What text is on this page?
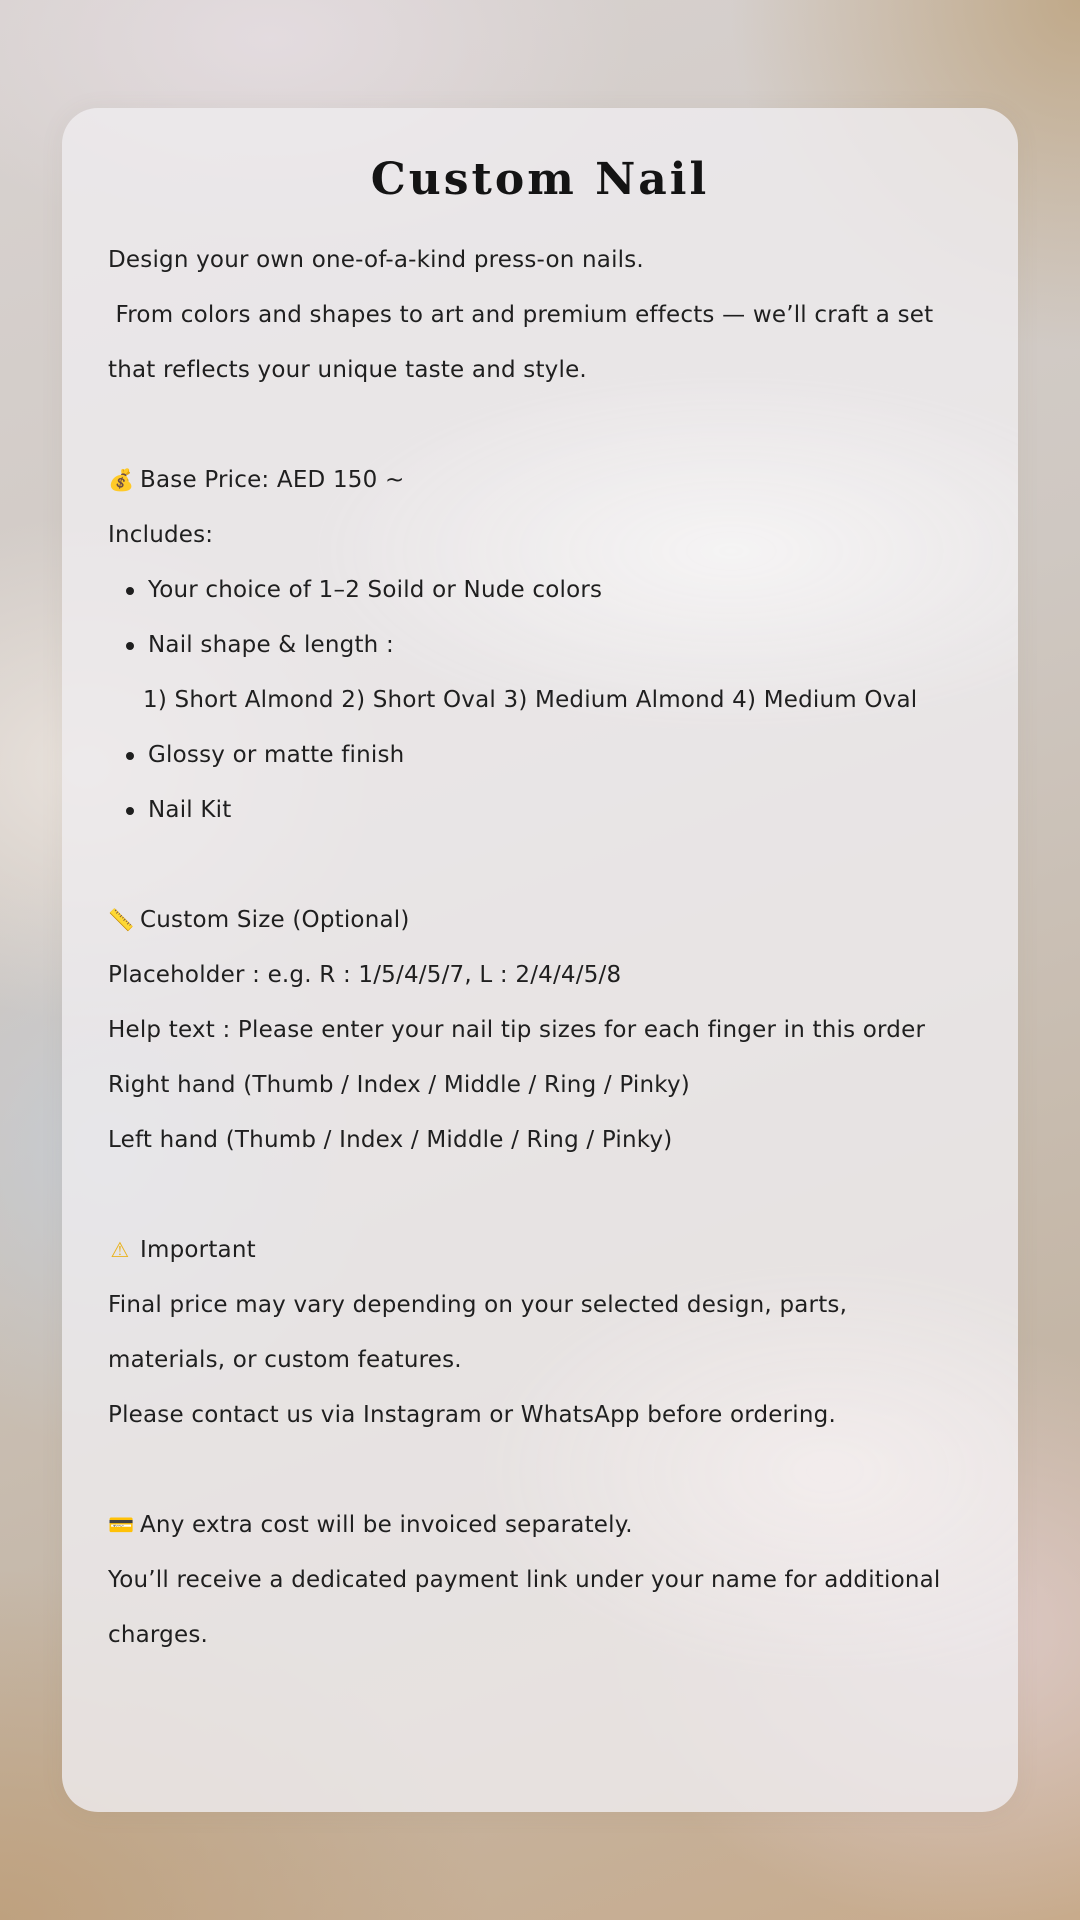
Custom Nail
Design your own one-of-a-kind press-on nails.
From colors and shapes to art and premium effects — we’ll craft a set
that reflects your unique taste and style.
💰 Base Price: AED 150 ~
Includes:
Your choice of 1–2 Soild or Nude colors
Nail shape & length :
1) Short Almond 2) Short Oval 3) Medium Almond 4) Medium Oval
Glossy or matte finish
Nail Kit
📏 Custom Size (Optional)
Placeholder : e.g. R : 1/5/4/5/7, L : 2/4/4/5/8
Help text : Please enter your nail tip sizes for each finger in this order
Right hand (Thumb / Index / Middle / Ring / Pinky)
Left hand (Thumb / Index / Middle / Ring / Pinky)
⚠ Important
Final price may vary depending on your selected design, parts,
materials, or custom features.
Please contact us via Instagram or WhatsApp before ordering.
💳 Any extra cost will be invoiced separately.
You’ll receive a dedicated payment link under your name for additional
charges.
